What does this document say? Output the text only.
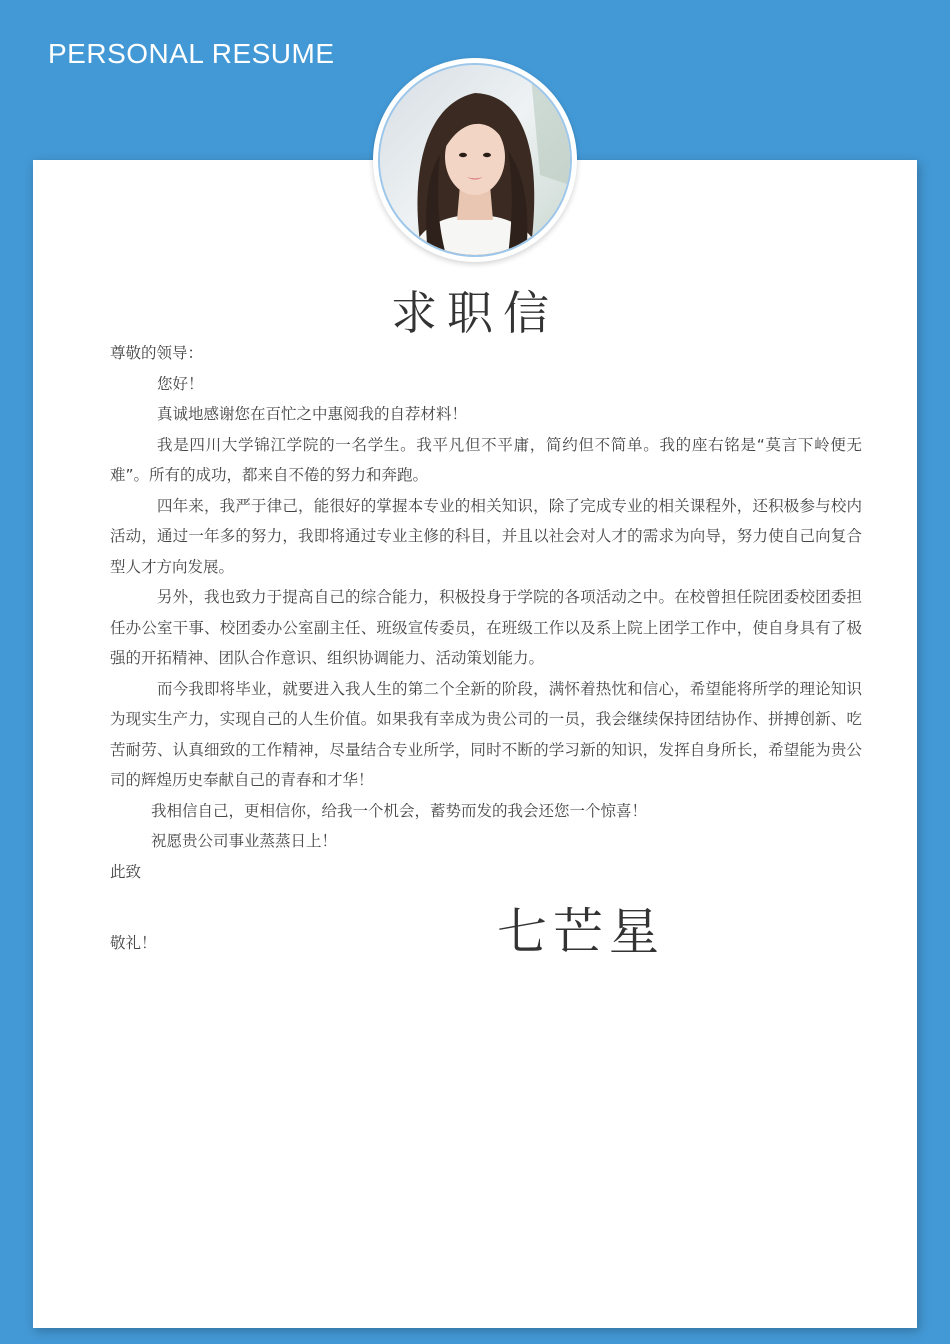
PERSONAL RESUME
求职信

尊敬的领导：

您好！

真诚地感谢您在百忙之中惠阅我的自荐材料！

我是四川大学锦江学院的一名学生。我平凡但不平庸，简约但不简单。我的座右铭是“莫言下岭便无难”。所有的成功，都来自不倦的努力和奔跑。

四年来，我严于律己，能很好的掌握本专业的相关知识，除了完成专业的相关课程外，还积极参与校内活动，通过一年多的努力，我即将通过专业主修的科目，并且以社会对人才的需求为向导，努力使自己向复合型人才方向发展。

另外，我也致力于提高自己的综合能力，积极投身于学院的各项活动之中。在校曾担任院团委校团委担任办公室干事、校团委办公室副主任、班级宣传委员，在班级工作以及系上院上团学工作中，使自身具有了极强的开拓精神、团队合作意识、组织协调能力、活动策划能力。

而今我即将毕业，就要进入我人生的第二个全新的阶段，满怀着热忱和信心，希望能将所学的理论知识为现实生产力，实现自己的人生价值。如果我有幸成为贵公司的一员，我会继续保持团结协作、拼搏创新、吃苦耐劳、认真细致的工作精神，尽量结合专业所学，同时不断的学习新的知识，发挥自身所长，希望能为贵公司的辉煌历史奉献自己的青春和才华！

我相信自己，更相信你，给我一个机会，蓄势而发的我会还您一个惊喜！

祝愿贵公司事业蒸蒸日上！

此致

敬礼！	七芒星
